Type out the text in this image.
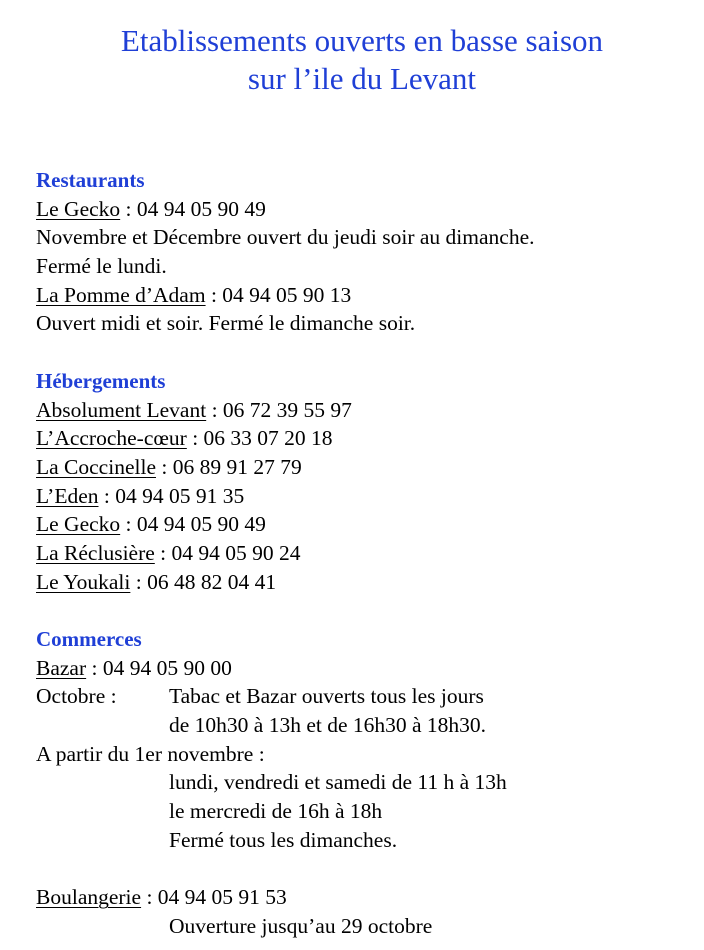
Etablissements ouverts en basse saison
sur l’ile du Levant
Restaurants
Le Gecko : 04 94 05 90 49
Novembre et Décembre ouvert du jeudi soir au dimanche.
Fermé le lundi.
La Pomme d’Adam : 04 94 05 90 13
Ouvert midi et soir. Fermé le dimanche soir.
Hébergements
Absolument Levant : 06 72 39 55 97
L’Accroche-cœur : 06 33 07 20 18
La Coccinelle : 06 89 91 27 79
L’Eden : 04 94 05 91 35
Le Gecko : 04 94 05 90 49
La Réclusière : 04 94 05 90 24
Le Youkali : 06 48 82 04 41
Commerces
Bazar : 04 94 05 90 00
Octobre : Tabac et Bazar ouverts tous les jours
de 10h30 à 13h et de 16h30 à 18h30.
A partir du 1er novembre :
lundi, vendredi et samedi de 11 h à 13h
le mercredi de 16h à 18h
Fermé tous les dimanches.
Boulangerie : 04 94 05 91 53
Ouverture jusqu’au 29 octobre
